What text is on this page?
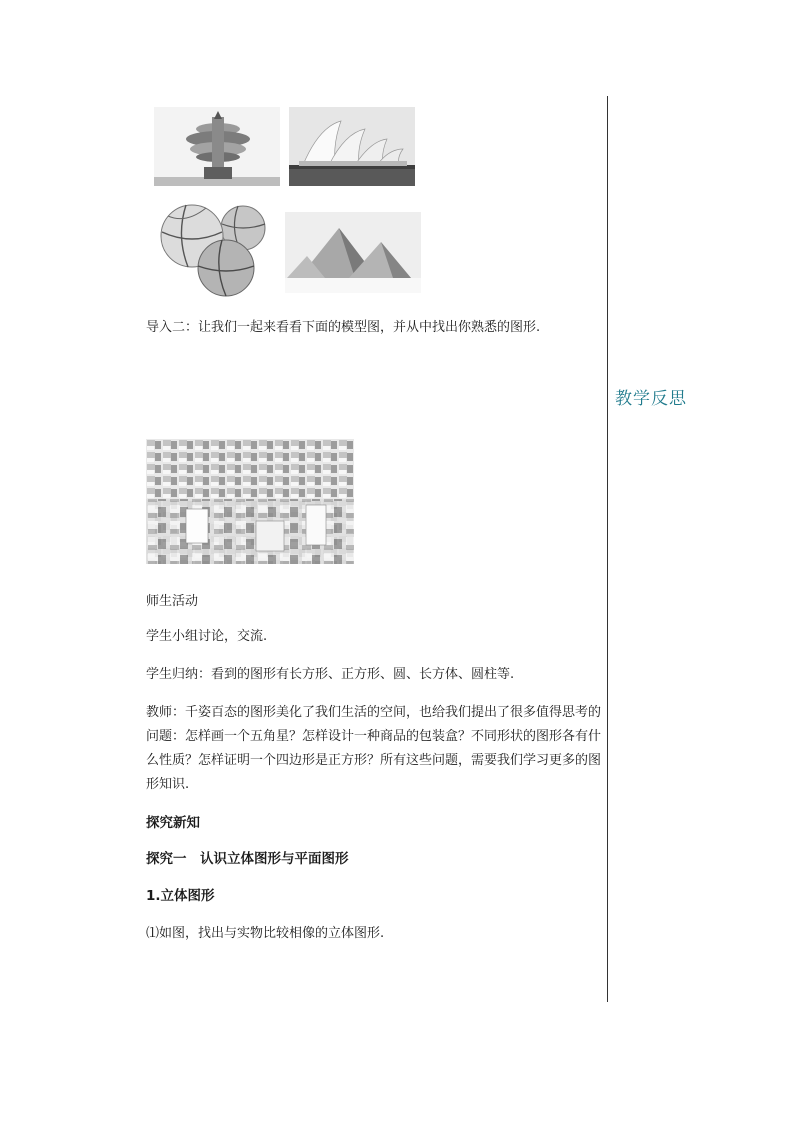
导入二：让我们一起来看看下面的模型图，并从中找出你熟悉的图形.

师生活动

学生小组讨论，交流.

学生归纳：看到的图形有长方形、正方形、圆、长方体、圆柱等.

教师：千姿百态的图形美化了我们生活的空间，也给我们提出了很多值得思考的问题：怎样画一个五角星？怎样设计一种商品的包装盒？不同形状的图形各有什么性质？怎样证明一个四边形是正方形？所有这些问题，需要我们学习更多的图形知识.

探究新知

探究一　认识立体图形与平面图形

1.立体图形

⑴如图，找出与实物比较相像的立体图形.

教学反思
